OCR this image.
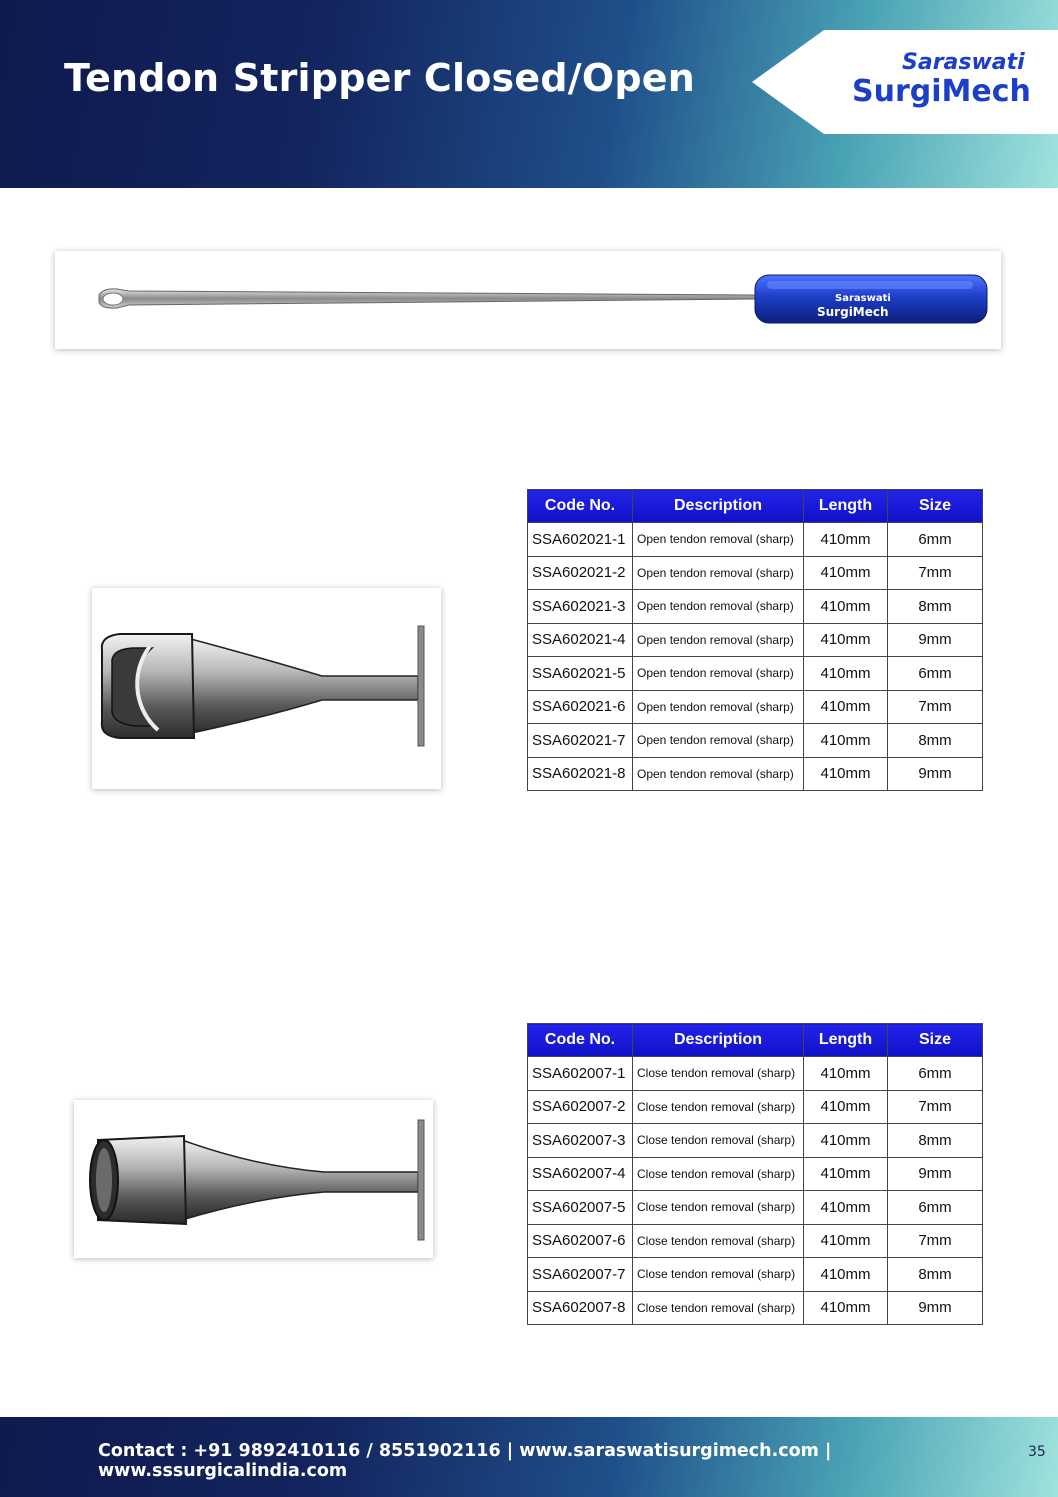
Tendon Stripper Closed/Open	Saraswati
SurgiMech
Saraswati
SurgiMech
Code No.	Description	Length	Size
SSA602021-1	Open tendon removal (sharp)	410mm	6mm
SSA602021-2	Open tendon removal (sharp)	410mm	7mm
SSA602021-3	Open tendon removal (sharp)	410mm	8mm
SSA602021-4	Open tendon removal (sharp)	410mm	9mm
SSA602021-5	Open tendon removal (sharp)	410mm	6mm
SSA602021-6	Open tendon removal (sharp)	410mm	7mm
SSA602021-7	Open tendon removal (sharp)	410mm	8mm
SSA602021-8	Open tendon removal (sharp)	410mm	9mm
Code No.	Description	Length	Size
SSA602007-1	Close tendon removal (sharp)	410mm	6mm
SSA602007-2	Close tendon removal (sharp)	410mm	7mm
SSA602007-3	Close tendon removal (sharp)	410mm	8mm
SSA602007-4	Close tendon removal (sharp)	410mm	9mm
SSA602007-5	Close tendon removal (sharp)	410mm	6mm
SSA602007-6	Close tendon removal (sharp)	410mm	7mm
SSA602007-7	Close tendon removal (sharp)	410mm	8mm
SSA602007-8	Close tendon removal (sharp)	410mm	9mm
Contact : +91 9892410116 / 8551902116 | www.saraswatisurgimech.com | www.sssurgicalindia.com
35
